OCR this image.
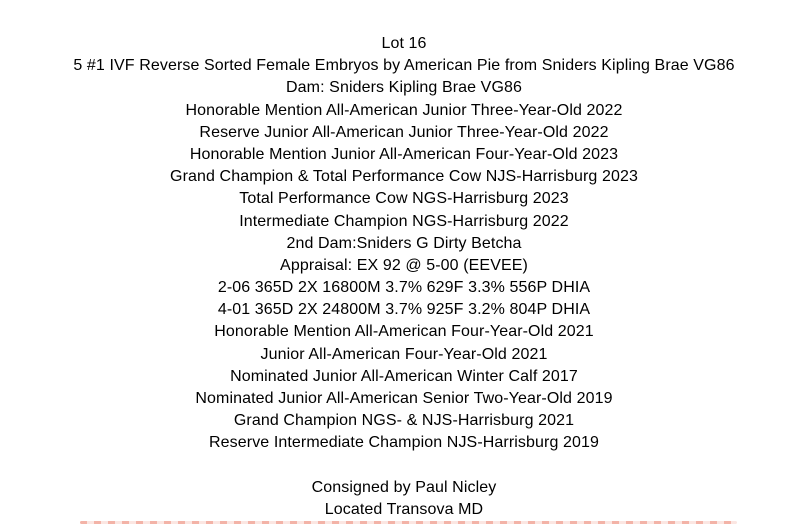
Lot 16
5 #1 IVF Reverse Sorted Female Embryos by American Pie from Sniders Kipling Brae VG86
Dam: Sniders Kipling Brae VG86
Honorable Mention All-American Junior Three-Year-Old 2022
Reserve Junior All-American Junior Three-Year-Old 2022
Honorable Mention Junior All-American Four-Year-Old 2023
Grand Champion & Total Performance Cow NJS-Harrisburg 2023
Total Performance Cow NGS-Harrisburg 2023
Intermediate Champion NGS-Harrisburg 2022
2nd Dam:Sniders G Dirty Betcha
Appraisal: EX 92 @ 5-00 (EEVEE)
2-06 365D 2X 16800M 3.7% 629F 3.3% 556P DHIA
4-01 365D 2X 24800M 3.7% 925F 3.2% 804P DHIA
Honorable Mention All-American Four-Year-Old 2021
Junior All-American Four-Year-Old 2021
Nominated Junior All-American Winter Calf 2017
Nominated Junior All-American Senior Two-Year-Old 2019
Grand Champion NGS- & NJS-Harrisburg 2021
Reserve Intermediate Champion NJS-Harrisburg 2019
Consigned by Paul Nicley
Located Transova MD
